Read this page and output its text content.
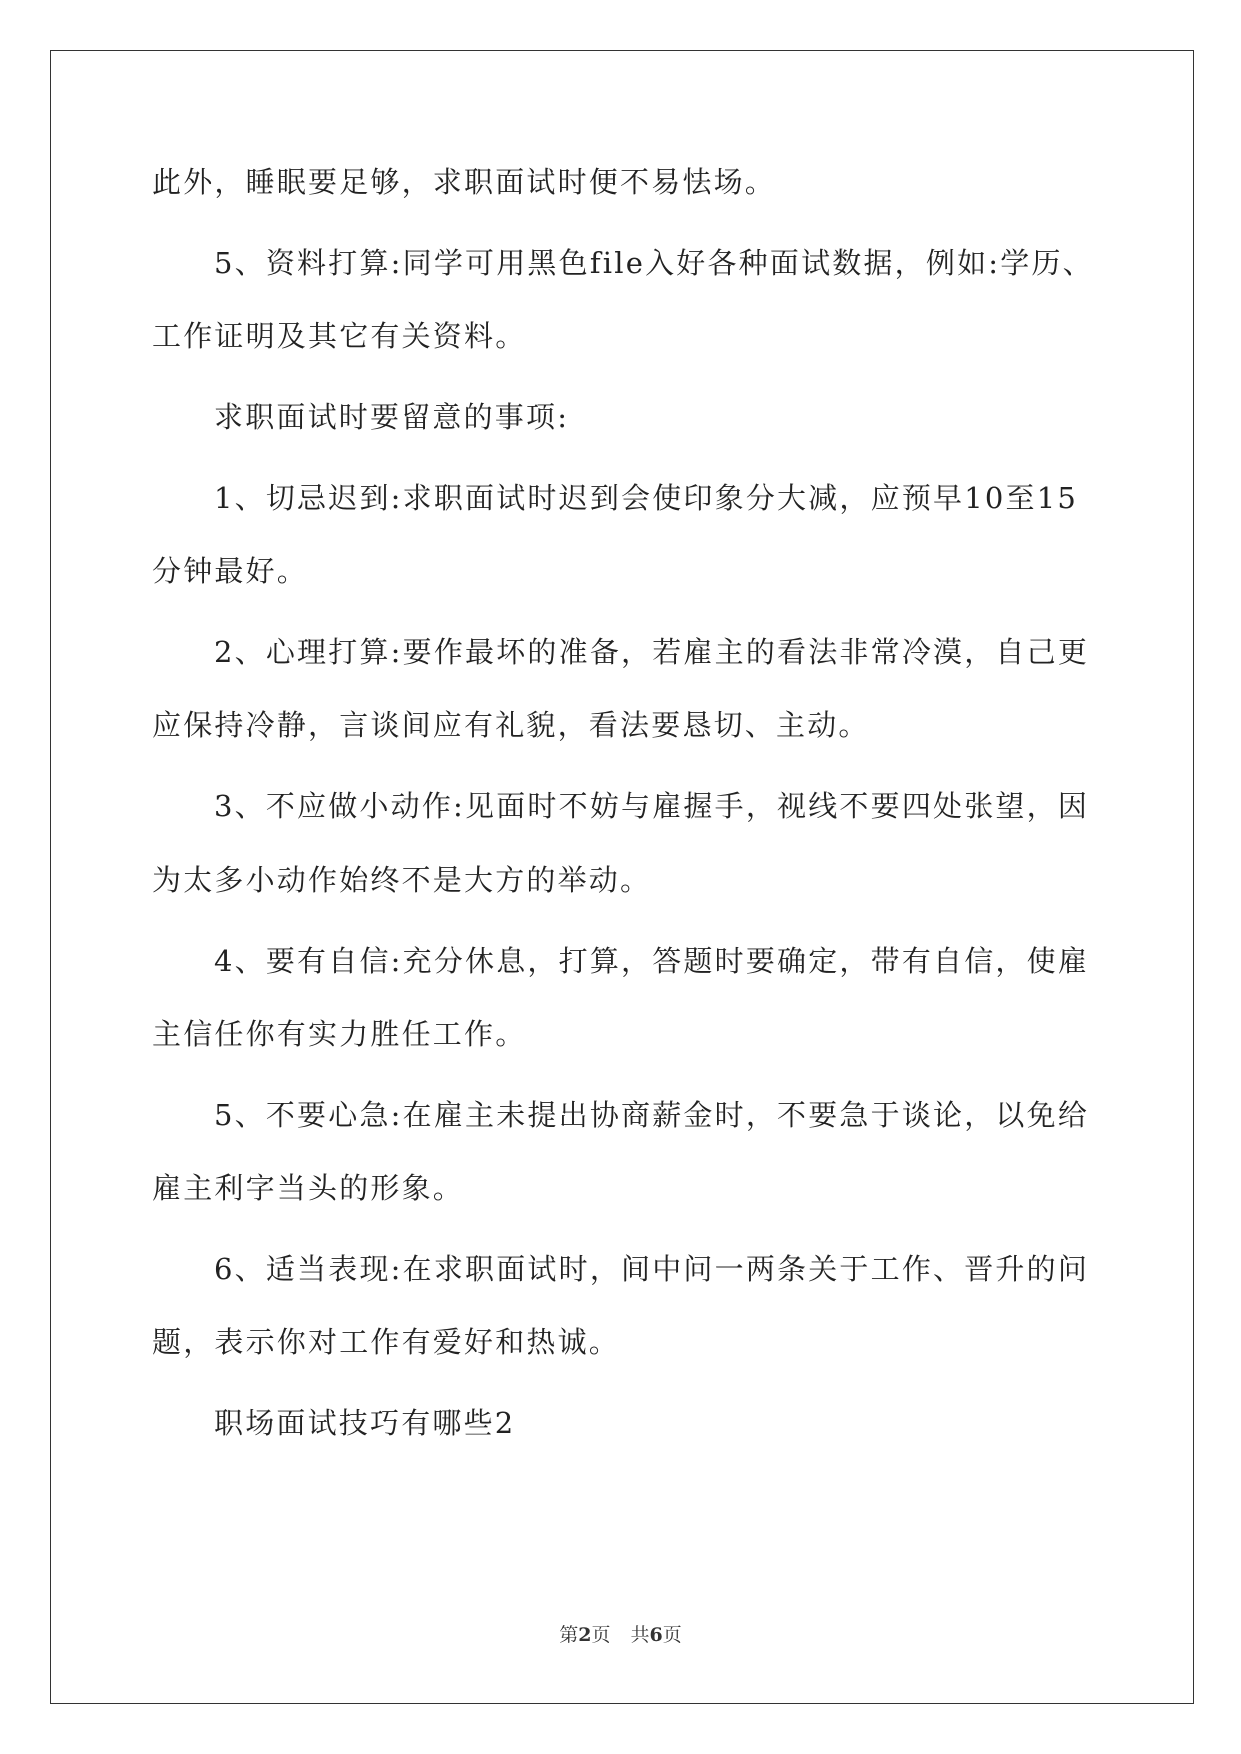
此外，睡眠要足够，求职面试时便不易怯场。
5、资料打算:同学可用黑色file入好各种面试数据，例如:学历、
工作证明及其它有关资料。
求职面试时要留意的事项:
1、切忌迟到:求职面试时迟到会使印象分大减，应预早10至15
分钟最好。
2、心理打算:要作最坏的准备，若雇主的看法非常冷漠，自己更
应保持冷静，言谈间应有礼貌，看法要恳切、主动。
3、不应做小动作:见面时不妨与雇握手，视线不要四处张望，因
为太多小动作始终不是大方的举动。
4、要有自信:充分休息，打算，答题时要确定，带有自信，使雇
主信任你有实力胜任工作。
5、不要心急:在雇主未提出协商薪金时，不要急于谈论，以免给
雇主利字当头的形象。
6、适当表现:在求职面试时，间中问一两条关于工作、晋升的问
题，表示你对工作有爱好和热诚。
职场面试技巧有哪些2
第2页 共6页
